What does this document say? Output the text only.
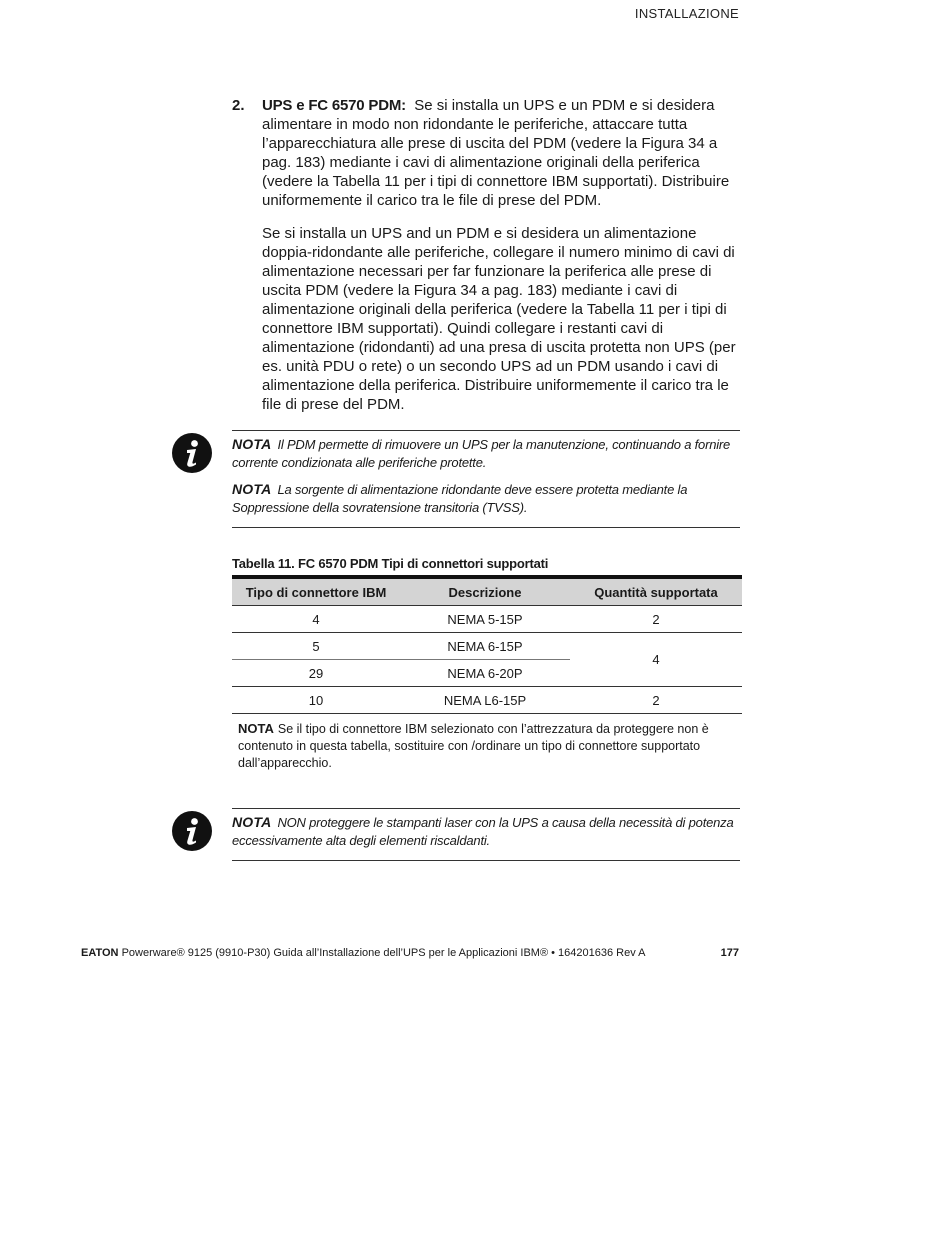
INSTALLAZIONE
2.	UPS e FC 6570 PDM: Se si installa un UPS e un PDM e si desidera alimentare in modo non ridondante le periferiche, attaccare tutta l’apparecchiatura alle prese di uscita del PDM (vedere la Figura 34 a pag. 183) mediante i cavi di alimentazione originali della periferica (vedere la Tabella 11 per i tipi di connettore IBM supportati). Distribuire uniformemente il carico tra le file di prese del PDM.

Se si installa un UPS and un PDM e si desidera un alimentazione doppia-ridondante alle periferiche, collegare il numero minimo di cavi di alimentazione necessari per far funzionare la periferica alle prese di uscita PDM (vedere la Figura 34 a pag. 183) mediante i cavi di alimentazione originali della periferica (vedere la Tabella 11 per i tipi di connettore IBM supportati). Quindi collegare i restanti cavi di alimentazione (ridondanti) ad una presa di uscita protetta non UPS (per es. unità PDU o rete) o un secondo UPS ad un PDM usando i cavi di alimentazione della periferica. Distribuire uniformemente il carico tra le file di prese del PDM.

NOTA Il PDM permette di rimuovere un UPS per la manutenzione, continuando a fornire corrente condizionata alle periferiche protette.

NOTA La sorgente di alimentazione ridondante deve essere protetta mediante la Soppressione della sovratensione transitoria (TVSS).

Tabella 11. FC 6570 PDM Tipi di connettori supportati
Tipo di connettore IBM	Descrizione	Quantità supportata
4	NEMA 5-15P	2
5	NEMA 6-15P	4
29	NEMA 6-20P	
10	NEMA L6-15P	2
NOTA Se il tipo di connettore IBM selezionato con l’attrezzatura da proteggere non è contenuto in questa tabella, sostituire con /ordinare un tipo di connettore supportato dall’apparecchio.

NOTA NON proteggere le stampanti laser con la UPS a causa della necessità di potenza eccessivamente alta degli elementi riscaldanti.

EATON Powerware® 9125 (9910-P30) Guida all’Installazione dell’UPS per le Applicazioni IBM® • 164201636 Rev A	177
